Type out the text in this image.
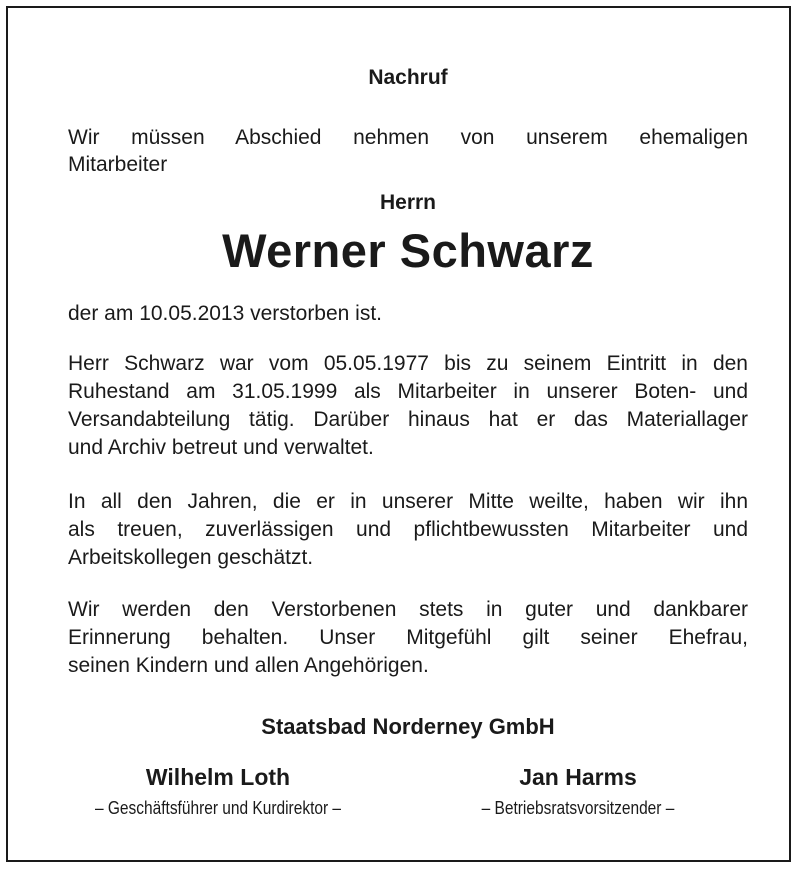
Nachruf
Wir müssen Abschied nehmen von unserem ehemaligen
Mitarbeiter
Herrn
Werner Schwarz
der am 10.05.2013 verstorben ist.
Herr Schwarz war vom 05.05.1977 bis zu seinem Eintritt in den
Ruhestand am 31.05.1999 als Mitarbeiter in unserer Boten- und
Versandabteilung tätig. Darüber hinaus hat er das Materiallager
und Archiv betreut und verwaltet.
In all den Jahren, die er in unserer Mitte weilte, haben wir ihn
als treuen, zuverlässigen und pflichtbewussten Mitarbeiter und
Arbeitskollegen geschätzt.
Wir werden den Verstorbenen stets in guter und dankbarer
Erinnerung behalten. Unser Mitgefühl gilt seiner Ehefrau,
seinen Kindern und allen Angehörigen.
Staatsbad Norderney GmbH
Wilhelm Loth
– Geschäftsführer und Kurdirektor –
Jan Harms
– Betriebsratsvorsitzender –
